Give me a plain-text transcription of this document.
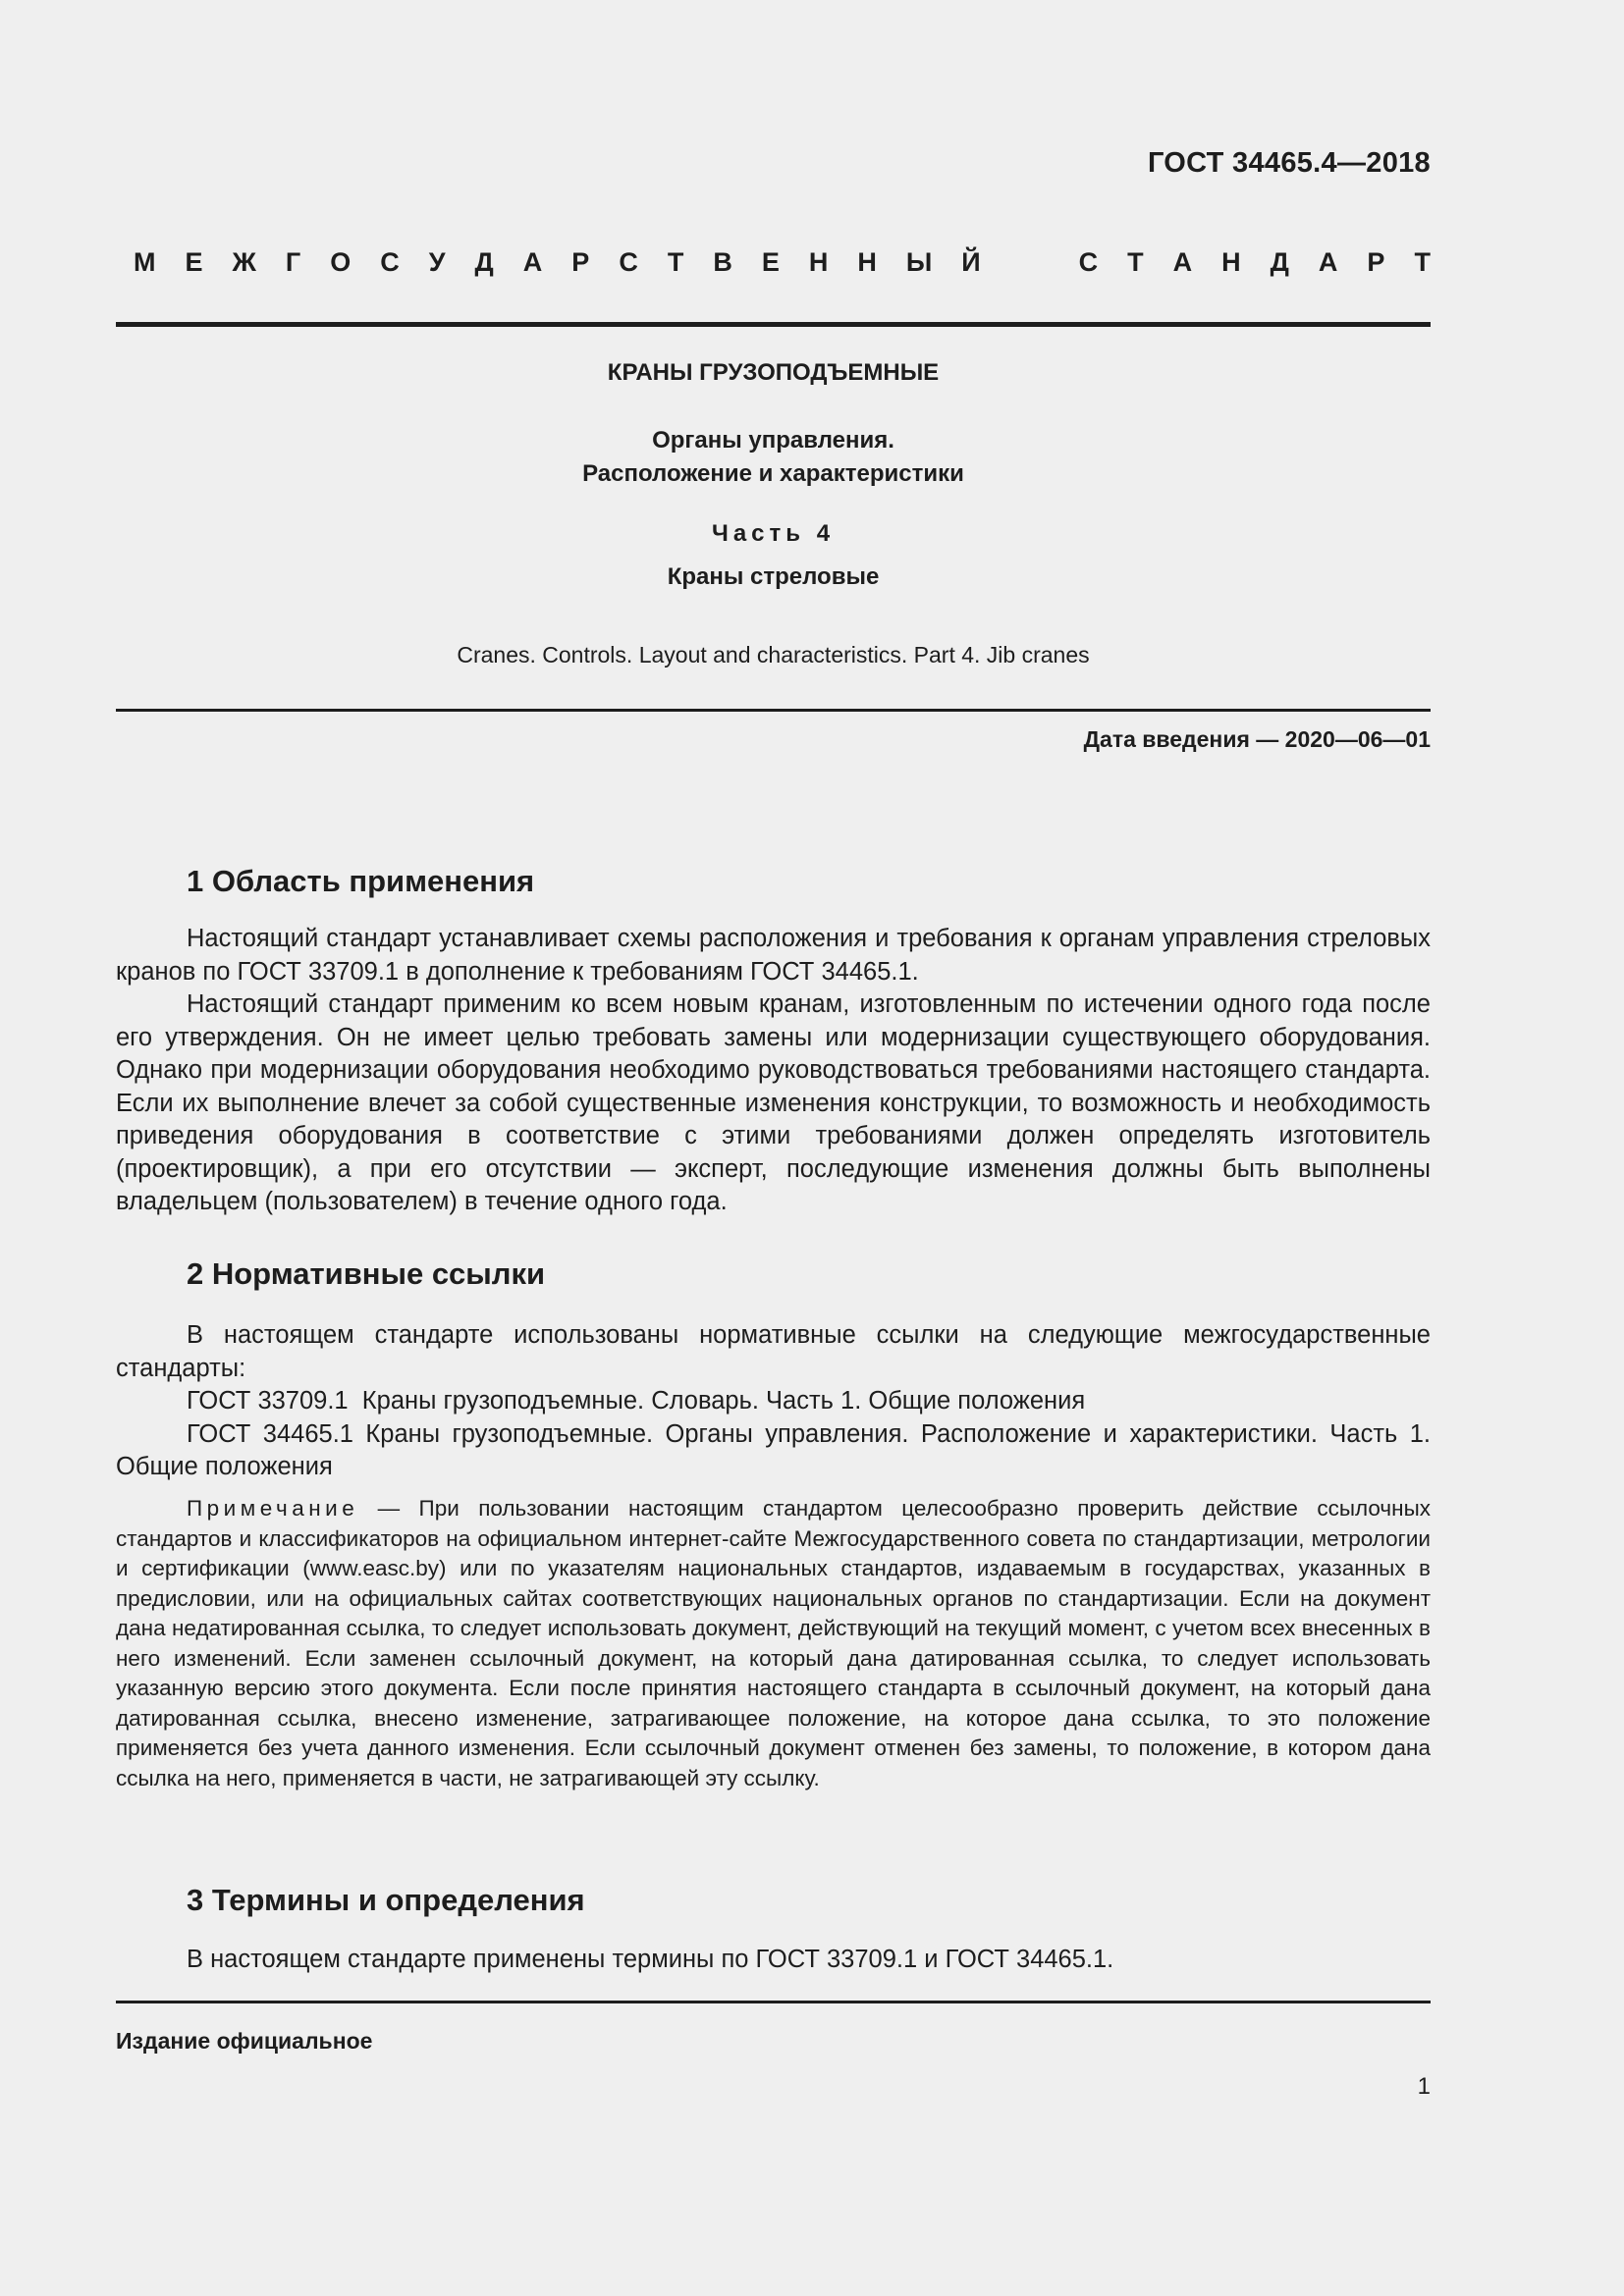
ГОСТ 34465.4—2018
М Е Ж Г О С У Д А Р С Т В Е Н Н Ы Й	С Т А Н Д А Р Т
КРАНЫ ГРУЗОПОДЪЕМНЫЕ
Органы управления.
Расположение и характеристики
Часть 4
Краны стреловые
Cranes. Controls. Layout and characteristics. Part 4. Jib cranes
Дата введения — 2020—06—01
1 Область применения

Настоящий стандарт устанавливает схемы расположения и требования к органам управления стреловых кранов по ГОСТ 33709.1 в дополнение к требованиям ГОСТ 34465.1.

Настоящий стандарт применим ко всем новым кранам, изготовленным по истечении одного года после его утверждения. Он не имеет целью требовать замены или модернизации существующего оборудования. Однако при модернизации оборудования необходимо руководствоваться требованиями настоящего стандарта. Если их выполнение влечет за собой существенные изменения конструкции, то возможность и необходимость приведения оборудования в соответствие с этими требованиями должен определять изготовитель (проектировщик), а при его отсутствии — эксперт, последующие изменения должны быть выполнены владельцем (пользователем) в течение одного года.

2 Нормативные ссылки

В настоящем стандарте использованы нормативные ссылки на следующие межгосударственные стандарты:

ГОСТ 33709.1  Краны грузоподъемные. Словарь. Часть 1. Общие положения

ГОСТ 34465.1 Краны грузоподъемные. Органы управления. Расположение и характеристики. Часть 1. Общие положения

Примечание — При пользовании настоящим стандартом целесообразно проверить действие ссылочных стандартов и классификаторов на официальном интернет-сайте Межгосударственного совета по стандартизации, метрологии и сертификации (www.easc.by) или по указателям национальных стандартов, издаваемым в государствах, указанных в предисловии, или на официальных сайтах соответствующих национальных органов по стандартизации. Если на документ дана недатированная ссылка, то следует использовать документ, действующий на текущий момент, с учетом всех внесенных в него изменений. Если заменен ссылочный документ, на который дана датированная ссылка, то следует использовать указанную версию этого документа. Если после принятия настоящего стандарта в ссылочный документ, на который дана датированная ссылка, внесено изменение, затрагивающее положение, на которое дана ссылка, то это положение применяется без учета данного изменения. Если ссылочный документ отменен без замены, то положение, в котором дана ссылка на него, применяется в части, не затрагивающей эту ссылку.
3 Термины и определения

В настоящем стандарте применены термины по ГОСТ 33709.1 и ГОСТ 34465.1.

Издание официальное
1
